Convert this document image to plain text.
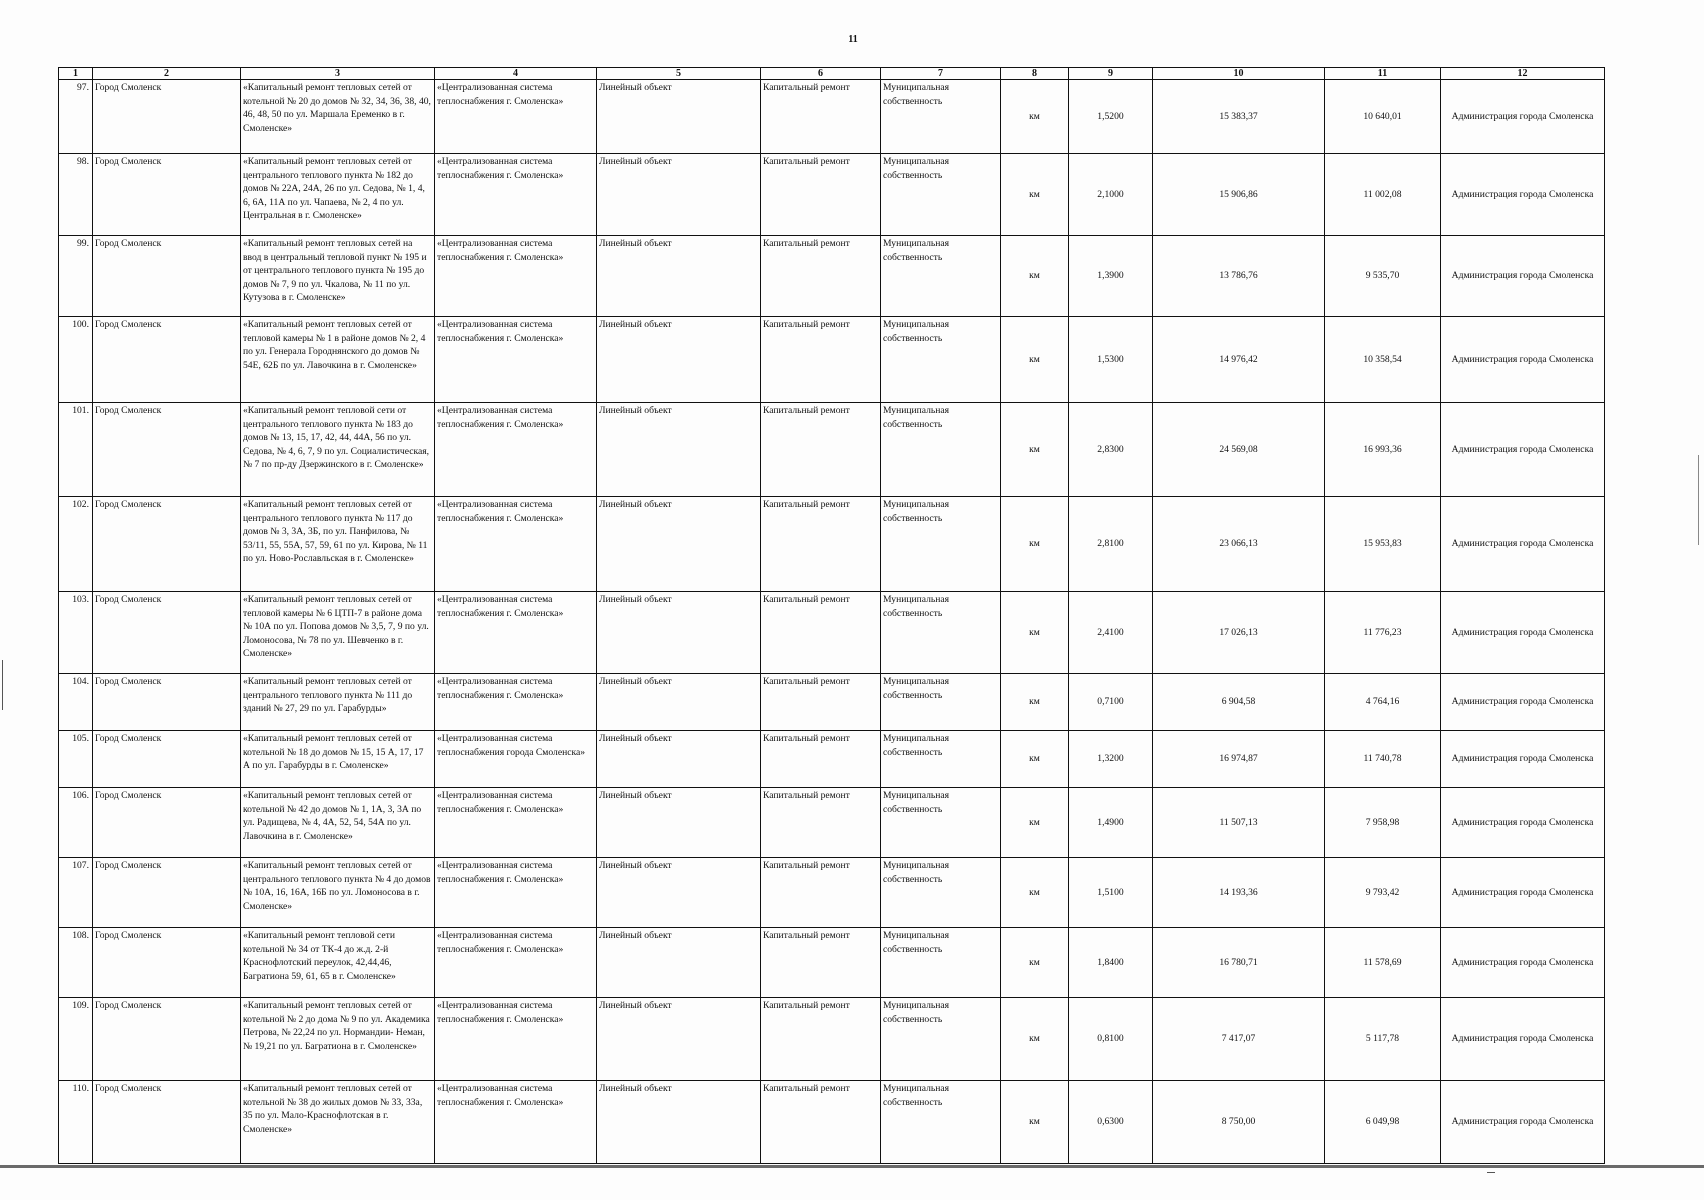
11
1	2	3	4	5	6	7	8	9	10	11	12
97.	Город Смоленск	«Капитальный ремонт тепловых сетей от котельной № 20 до домов № 32, 34, 36, 38, 40, 46, 48, 50 по ул. Маршала Еременко в г. Смоленске»	«Централизованная система теплоснабжения г. Смоленска»	Линейный объект	Капитальный ремонт	Муниципальная собственность	км	1,5200	15 383,37	10 640,01	Администрация города Смоленска
98.	Город Смоленск	«Капитальный ремонт тепловых сетей от центрального теплового пункта № 182 до домов № 22А, 24А, 26 по ул. Седова, № 1, 4, 6, 6А, 11А по ул. Чапаева, № 2, 4 по ул. Центральная в г. Смоленске»	«Централизованная система теплоснабжения г. Смоленска»	Линейный объект	Капитальный ремонт	Муниципальная собственность	км	2,1000	15 906,86	11 002,08	Администрация города Смоленска
99.	Город Смоленск	«Капитальный ремонт тепловых сетей на ввод в центральный тепловой пункт № 195 и от центрального теплового пункта № 195 до домов № 7, 9 по ул. Чкалова, № 11 по ул. Кутузова в г. Смоленске»	«Централизованная система теплоснабжения г. Смоленска»	Линейный объект	Капитальный ремонт	Муниципальная собственность	км	1,3900	13 786,76	9 535,70	Администрация города Смоленска
100.	Город Смоленск	«Капитальный ремонт тепловых сетей от тепловой камеры № 1 в районе домов № 2, 4 по ул. Генерала Городнянского до домов № 54Е, 62Б по ул. Лавочкина в г. Смоленске»	«Централизованная система теплоснабжения г. Смоленска»	Линейный объект	Капитальный ремонт	Муниципальная собственность	км	1,5300	14 976,42	10 358,54	Администрация города Смоленска
101.	Город Смоленск	«Капитальный ремонт тепловой сети от центрального теплового пункта № 183 до домов № 13, 15, 17, 42, 44, 44А, 56 по ул. Седова, № 4, 6, 7, 9 по ул. Социалистическая, № 7 по пр-ду Дзержинского в г. Смоленске»	«Централизованная система теплоснабжения г. Смоленска»	Линейный объект	Капитальный ремонт	Муниципальная собственность	км	2,8300	24 569,08	16 993,36	Администрация города Смоленска
102.	Город Смоленск	«Капитальный ремонт тепловых сетей от центрального теплового пункта № 117 до домов № 3, 3А, 3Б, по ул. Панфилова, № 53/11, 55, 55А, 57, 59, 61 по ул. Кирова, № 11 по ул. Ново-Рославльская в г. Смоленске»	«Централизованная система теплоснабжения г. Смоленска»	Линейный объект	Капитальный ремонт	Муниципальная собственность	км	2,8100	23 066,13	15 953,83	Администрация города Смоленска
103.	Город Смоленск	«Капитальный ремонт тепловых сетей от тепловой камеры № 6 ЦТП-7 в районе дома № 10А по ул. Попова домов № 3,5, 7, 9 по ул. Ломоносова, № 78 по ул. Шевченко в г. Смоленске»	«Централизованная система теплоснабжения г. Смоленска»	Линейный объект	Капитальный ремонт	Муниципальная собственность	км	2,4100	17 026,13	11 776,23	Администрация города Смоленска
104.	Город Смоленск	«Капитальный ремонт тепловых сетей от центрального теплового пункта № 111 до зданий № 27, 29 по ул. Гарабурды»	«Централизованная система теплоснабжения г. Смоленска»	Линейный объект	Капитальный ремонт	Муниципальная собственность	км	0,7100	6 904,58	4 764,16	Администрация города Смоленска
105.	Город Смоленск	«Капитальный ремонт тепловых сетей от котельной № 18 до домов № 15, 15 А, 17, 17 А по ул. Гарабурды в г. Смоленске»	«Централизованная система теплоснабжения города Смоленска»	Линейный объект	Капитальный ремонт	Муниципальная собственность	км	1,3200	16 974,87	11 740,78	Администрация города Смоленска
106.	Город Смоленск	«Капитальный ремонт тепловых сетей от котельной № 42 до домов № 1, 1А, 3, 3А по ул. Радищева, № 4, 4А, 52, 54, 54А по ул. Лавочкина в г. Смоленске»	«Централизованная система теплоснабжения г. Смоленска»	Линейный объект	Капитальный ремонт	Муниципальная собственность	км	1,4900	11 507,13	7 958,98	Администрация города Смоленска
107.	Город Смоленск	«Капитальный ремонт тепловых сетей от центрального теплового пункта № 4 до домов № 10А, 16, 16А, 16Б по ул. Ломоносова в г. Смоленске»	«Централизованная система теплоснабжения г. Смоленска»	Линейный объект	Капитальный ремонт	Муниципальная собственность	км	1,5100	14 193,36	9 793,42	Администрация города Смоленска
108.	Город Смоленск	«Капитальный ремонт тепловой сети котельной № 34 от ТК-4 до ж.д. 2-й Краснофлотский переулок, 42,44,46, Багратиона 59, 61, 65 в г. Смоленске»	«Централизованная система теплоснабжения г. Смоленска»	Линейный объект	Капитальный ремонт	Муниципальная собственность	км	1,8400	16 780,71	11 578,69	Администрация города Смоленска
109.	Город Смоленск	«Капитальный ремонт тепловых сетей от котельной № 2 до дома № 9 по ул. Академика Петрова, № 22,24 по ул. Нормандии- Неман, № 19,21 по ул. Багратиона в г. Смоленске»	«Централизованная система теплоснабжения г. Смоленска»	Линейный объект	Капитальный ремонт	Муниципальная собственность	км	0,8100	7 417,07	5 117,78	Администрация города Смоленска
110.	Город Смоленск	«Капитальный ремонт тепловых сетей от котельной № 38 до жилых домов № 33, 33а, 35 по ул. Мало-Краснофлотская в г. Смоленске»	«Централизованная система теплоснабжения г. Смоленска»	Линейный объект	Капитальный ремонт	Муниципальная собственность	км	0,6300	8 750,00	6 049,98	Администрация города Смоленска
